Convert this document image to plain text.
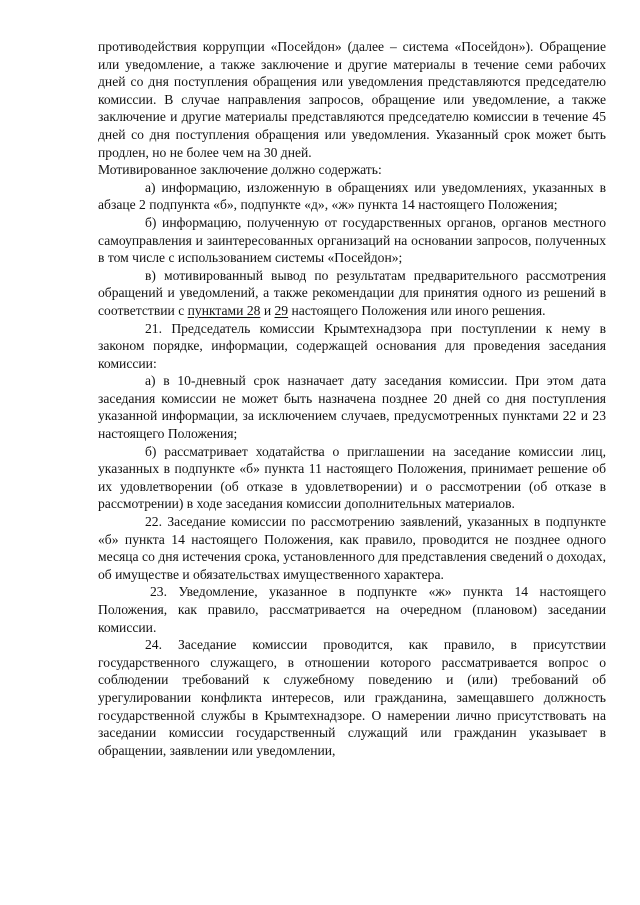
противодействия коррупции «Посейдон» (далее – система «Посейдон»). Обращение или уведомление, а также заключение и другие материалы в течение семи рабочих дней со дня поступления обращения или уведомления представляются председателю комиссии. В случае направления запросов, обращение или уведомление, а также заключение и другие материалы представляются председателю комиссии в течение 45 дней со дня поступления обращения или уведомления. Указанный срок может быть продлен, но не более чем на 30 дней.

Мотивированное заключение должно содержать:

а) информацию, изложенную в обращениях или уведомлениях, указанных в абзаце 2 подпункта «б», подпункте «д», «ж» пункта 14 настоящего Положения;

б) информацию, полученную от государственных органов, органов местного самоуправления и заинтересованных организаций на основании запросов, полученных в том числе с использованием системы «Посейдон»;

в) мотивированный вывод по результатам предварительного рассмотрения обращений и уведомлений, а также рекомендации для принятия одного из решений в соответствии с пунктами 28 и 29 настоящего Положения или иного решения.

21. Председатель комиссии Крымтехнадзора при поступлении к нему в законом порядке, информации, содержащей основания для проведения заседания комиссии:

а) в 10-дневный срок назначает дату заседания комиссии. При этом дата заседания комиссии не может быть назначена позднее 20 дней со дня поступления указанной информации, за исключением случаев, предусмотренных пунктами 22 и 23 настоящего Положения;

б) рассматривает ходатайства о приглашении на заседание комиссии лиц, указанных в подпункте «б» пункта 11 настоящего Положения, принимает решение об их удовлетворении (об отказе в удовлетворении) и о рассмотрении (об отказе в рассмотрении) в ходе заседания комиссии дополнительных материалов.

22. Заседание комиссии по рассмотрению заявлений, указанных в подпункте «б» пункта 14 настоящего Положения, как правило, проводится не позднее одного месяца со дня истечения срока, установленного для представления сведений о доходах, об имуществе и обязательствах имущественного характера.

23. Уведомление, указанное в подпункте «ж» пункта 14 настоящего Положения, как правило, рассматривается на очередном (плановом) заседании комиссии.

24. Заседание комиссии проводится, как правило, в присутствии государственного служащего, в отношении которого рассматривается вопрос о соблюдении требований к служебному поведению и (или) требований об урегулировании конфликта интересов, или гражданина, замещавшего должность государственной службы в Крымтехнадзоре. О намерении лично присутствовать на заседании комиссии государственный служащий или гражданин указывает в обращении, заявлении или уведомлении,
